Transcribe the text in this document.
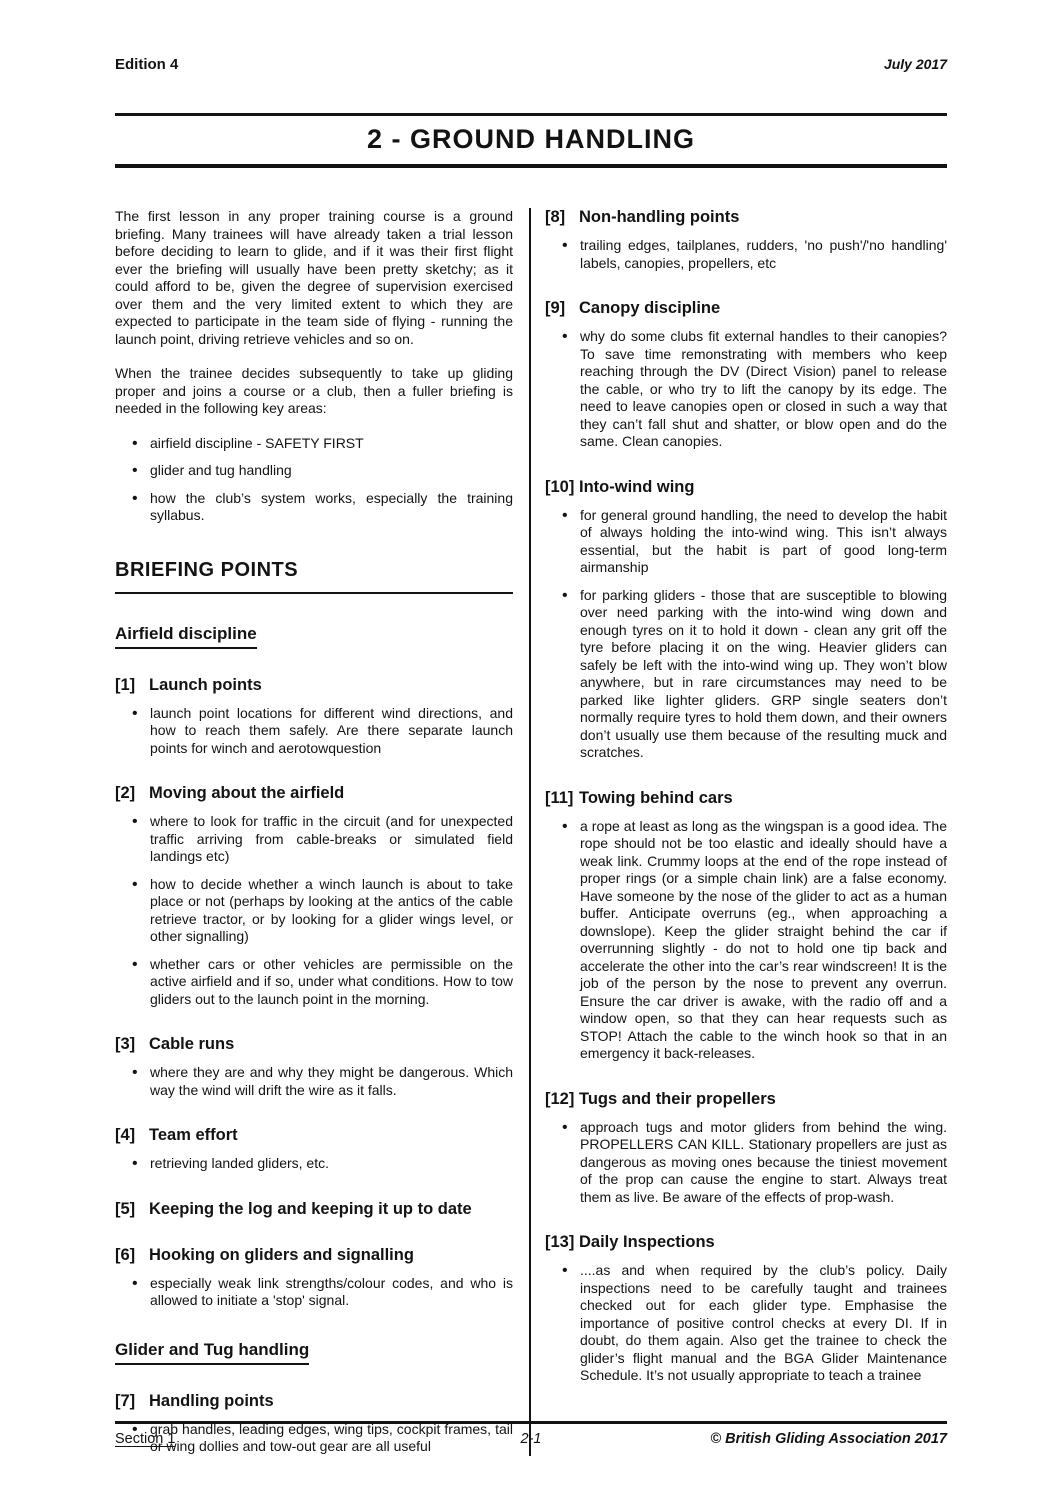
Edition 4	July 2017
2 - GROUND HANDLING

The first lesson in any proper training course is a ground briefing. Many trainees will have already taken a trial lesson before deciding to learn to glide, and if it was their first flight ever the briefing will usually have been pretty sketchy; as it could afford to be, given the degree of supervision exercised over them and the very limited extent to which they are expected to participate in the team side of flying - running the launch point, driving retrieve vehicles and so on.

When the trainee decides subsequently to take up gliding proper and joins a course or a club, then a fuller briefing is needed in the following key areas:

• airfield discipline - SAFETY FIRST
• glider and tug handling
• how the club’s system works, especially the training syllabus.
BRIEFING POINTS
Airfield discipline
[1] Launch points
• launch point locations for different wind directions, and how to reach them safely. Are there separate launch points for winch and aerotowquestion
[2] Moving about the airfield
• where to look for traffic in the circuit (and for unexpected traffic arriving from cable-breaks or simulated field landings etc)
• how to decide whether a winch launch is about to take place or not (perhaps by looking at the antics of the cable retrieve tractor, or by looking for a glider wings level, or other signalling)
• whether cars or other vehicles are permissible on the active airfield and if so, under what conditions. How to tow gliders out to the launch point in the morning.
[3] Cable runs
• where they are and why they might be dangerous. Which way the wind will drift the wire as it falls.
[4] Team effort
• retrieving landed gliders, etc.
[5] Keeping the log and keeping it up to date
[6] Hooking on gliders and signalling
• especially weak link strengths/colour codes, and who is allowed to initiate a 'stop' signal.
Glider and Tug handling
[7] Handling points
• grab handles, leading edges, wing tips, cockpit frames, tail or wing dollies and tow-out gear are all useful
[8] Non-handling points
• trailing edges, tailplanes, rudders, 'no push'/'no handling' labels, canopies, propellers, etc
[9] Canopy discipline
• why do some clubs fit external handles to their canopies? To save time remonstrating with members who keep reaching through the DV (Direct Vision) panel to release the cable, or who try to lift the canopy by its edge. The need to leave canopies open or closed in such a way that they can’t fall shut and shatter, or blow open and do the same. Clean canopies.
[10] Into-wind wing
• for general ground handling, the need to develop the habit of always holding the into-wind wing. This isn’t always essential, but the habit is part of good long-term airmanship
• for parking gliders - those that are susceptible to blowing over need parking with the into-wind wing down and enough tyres on it to hold it down - clean any grit off the tyre before placing it on the wing. Heavier gliders can safely be left with the into-wind wing up. They won’t blow anywhere, but in rare circumstances may need to be parked like lighter gliders. GRP single seaters don’t normally require tyres to hold them down, and their owners don’t usually use them because of the resulting muck and scratches.
[11] Towing behind cars
• a rope at least as long as the wingspan is a good idea. The rope should not be too elastic and ideally should have a weak link. Crummy loops at the end of the rope instead of proper rings (or a simple chain link) are a false economy. Have someone by the nose of the glider to act as a human buffer. Anticipate overruns (eg., when approaching a downslope). Keep the glider straight behind the car if overrunning slightly - do not to hold one tip back and accelerate the other into the car’s rear windscreen! It is the job of the person by the nose to prevent any overrun. Ensure the car driver is awake, with the radio off and a window open, so that they can hear requests such as STOP! Attach the cable to the winch hook so that in an emergency it back-releases.
[12] Tugs and their propellers
• approach tugs and motor gliders from behind the wing. PROPELLERS CAN KILL. Stationary propellers are just as dangerous as moving ones because the tiniest movement of the prop can cause the engine to start. Always treat them as live. Be aware of the effects of prop-wash.
[13] Daily Inspections
• ....as and when required by the club’s policy. Daily inspections need to be carefully taught and trainees checked out for each glider type. Emphasise the importance of positive control checks at every DI. If in doubt, do them again. Also get the trainee to check the glider’s flight manual and the BGA Glider Maintenance Schedule. It’s not usually appropriate to teach a trainee
Section 1	2-1	© British Gliding Association 2017
